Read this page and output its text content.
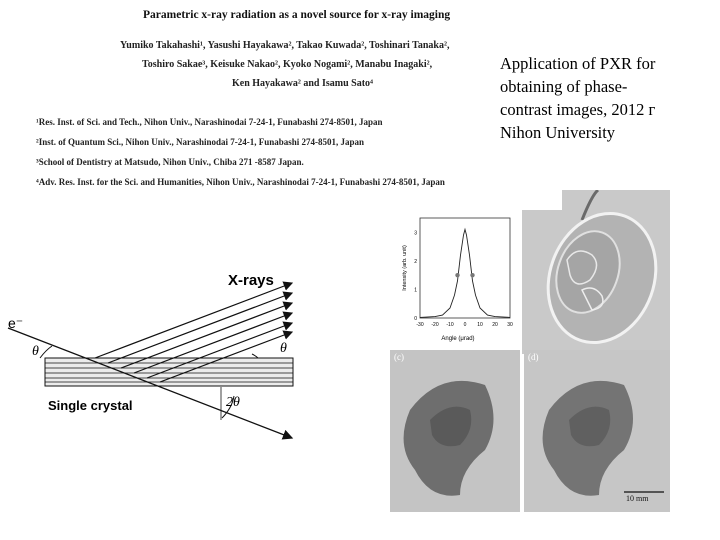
Parametric x-ray radiation as a novel source for x-ray imaging
Yumiko Takahashi¹, Yasushi Hayakawa², Takao Kuwada², Toshinari Tanaka²,
Toshiro Sakae³, Keisuke Nakao², Kyoko Nogami², Manabu Inagaki²,
Ken Hayakawa² and Isamu Sato⁴
¹Res. Inst. of Sci. and Tech., Nihon Univ., Narashinodai 7-24-1, Funabashi 274-8501, Japan
²Inst. of Quantum Sci., Nihon Univ., Narashinodai 7-24-1, Funabashi 274-8501, Japan
³School of Dentistry at Matsudo, Nihon Univ., Chiba 271 -8587 Japan.
⁴Adv. Res. Inst. for the Sci. and Humanities, Nihon Univ., Narashinodai 7-24-1, Funabashi 274-8501, Japan
Application of PXR for
obtaining of phase-
contrast images, 2012 г
Nihon University
X-rays
e⁻
θ	θ
2θ
Single crystal
0
1
2
3
-30 -20 -10 0 10 20 30
Angle (μrad)
Intensity (arb. unit)
(c)	(d)
10 mm
